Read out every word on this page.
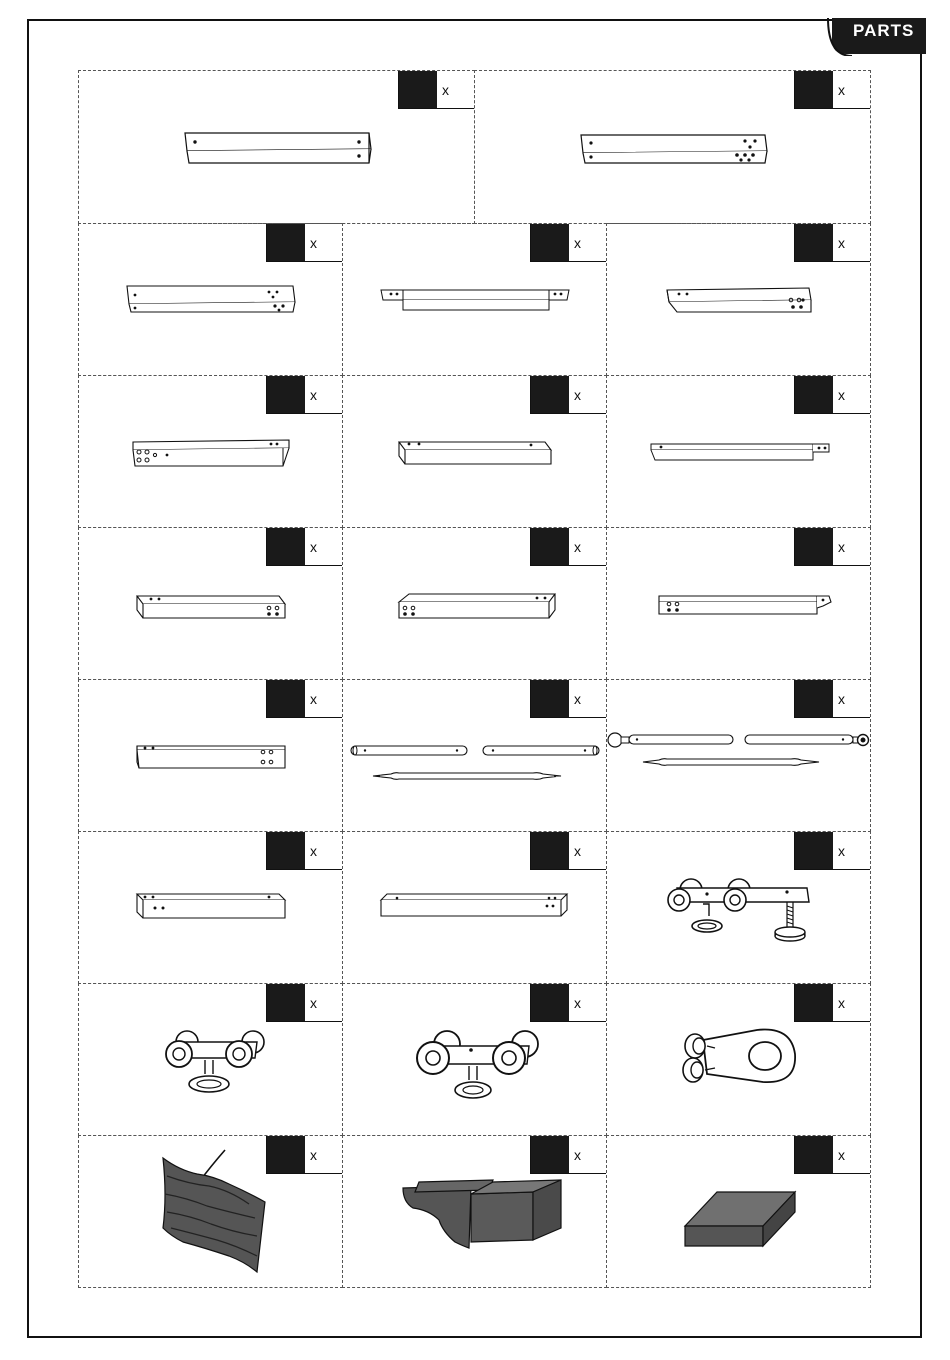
PARTS
x	x
x	x	x
x	x	x
x	x	x
x	x	x
x	x	x
x	x	x
x	x	x
